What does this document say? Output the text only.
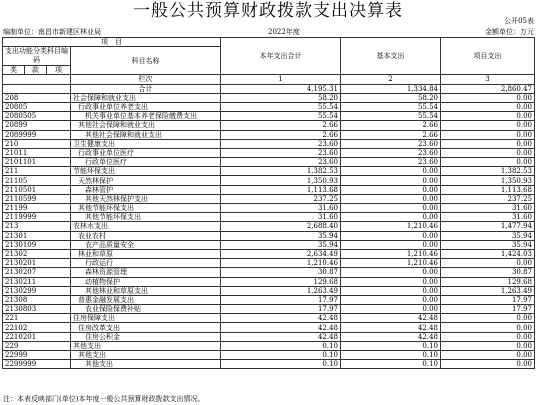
一般公共预算财政拨款支出决算表	公开05表
编制单位：南昌市新建区林业局	2022年度	金额单位：万元
项　目				本年支出合计	基本支出	项目支出
支出功能分类科目编码			科目名称			

类	款	项				
			栏次	1	2	3
			合计	4,195.31	1,334.84	2,860.47
208			社会保障和就业支出	58.20	58.20	0.00
20805			行政事业单位养老支出	55.54	55.54	0.00
2080505			机关事业单位基本养老保险缴费支出	55.54	55.54	0.00
20899			其他社会保障和就业支出	2.66	2.66	0.00
2089999			其他社会保障和就业支出	2.66	2.66	0.00
210			卫生健康支出	23.60	23.60	0.00
21011			行政事业单位医疗	23.60	23.60	0.00
2101101			行政单位医疗	23.60	23.60	0.00
211			节能环保支出	1,382.53	0.00	1,382.53
21105			天然林保护	1,350.93	0.00	1,350.93
2110501			森林管护	1,113.68	0.00	1,113.68
2110599			其他天然林保护支出	237.25	0.00	237.25
21199			其他节能环保支出	31.60	0.00	31.60
2119999			其他节能环保支出	31.60	0.00	31.60
213			农林水支出	2,688.40	1,210.46	1,477.94
21301			农业农村	35.94	0.00	35.94
2130109			农产品质量安全	35.94	0.00	35.94
21302			林业和草原	2,634.49	1,210.46	1,424.03
2130201			行政运行	1,210.46	1,210.46	0.00
2130207			森林资源管理	30.87	0.00	30.87
2130211			动植物保护	129.68	0.00	129.68
2130299			其他林业和草原支出	1,263.49	0.00	1,263.49
21308			普惠金融发展支出	17.97	0.00	17.97
2130803			农业保险保费补贴	17.97	0.00	17.97
221			住房保障支出	42.48	42.48	0.00
22102			住房改革支出	42.48	42.48	0.00
2210201			住房公积金	42.48	42.48	0.00
229			其他支出	0.10	0.10	0.00
22999			其他支出	0.10	0.10	0.00
2299999			其他支出	0.10	0.10	0.00
注：本表反映部门(单位)本年度一般公共预算财政拨款支出情况。
